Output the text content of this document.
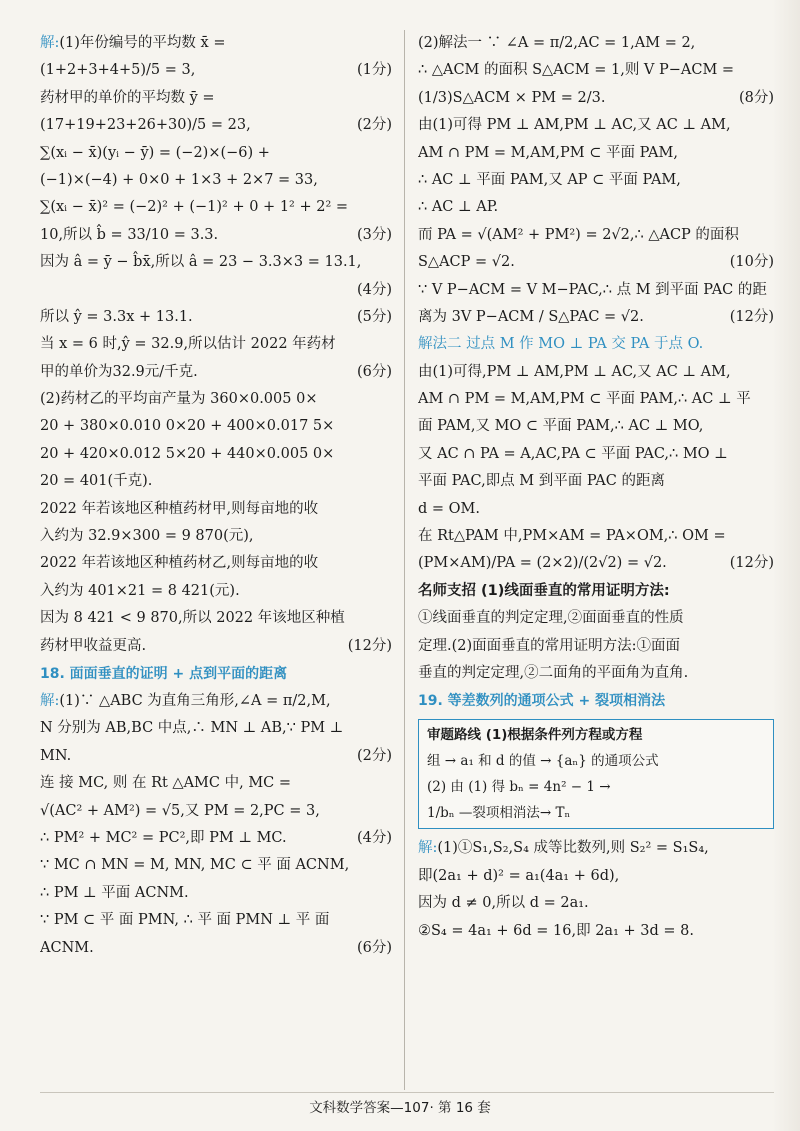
解:(1)年份编号的平均数 x̄ =
(1+2+3+4+5)/5 = 3,	(1分)
药材甲的单价的平均数 ȳ =
(17+19+23+26+30)/5 = 23,	(2分)
∑(xᵢ − x̄)(yᵢ − ȳ) = (−2)×(−6) +
(−1)×(−4) + 0×0 + 1×3 + 2×7 = 33,
∑(xᵢ − x̄)² = (−2)² + (−1)² + 0 + 1² + 2² =
10,所以 b̂ = 33/10 = 3.3.	(3分)
因为 â = ȳ − b̂x̄,所以 â = 23 − 3.3×3 = 13.1,
(4分)
所以 ŷ = 3.3x + 13.1.	(5分)
当 x = 6 时,ŷ = 32.9,所以估计 2022 年药材
甲的单价为32.9元/千克.	(6分)
(2)药材乙的平均亩产量为 360×0.005 0×
20 + 380×0.010 0×20 + 400×0.017 5×
20 + 420×0.012 5×20 + 440×0.005 0×
20 = 401(千克).
2022 年若该地区种植药材甲,则每亩地的收
入约为 32.9×300 = 9 870(元),
2022 年若该地区种植药材乙,则每亩地的收
入约为 401×21 = 8 421(元).
因为 8 421 < 9 870,所以 2022 年该地区种植
药材甲收益更高.	(12分)
18. 面面垂直的证明 + 点到平面的距离
解:(1)∵ △ABC 为直角三角形,∠A = π/2,M,
N 分别为 AB,BC 中点,∴ MN ⊥ AB,∵ PM ⊥
MN.	(2分)
连 接 MC, 则 在 Rt △AMC 中, MC =
√(AC² + AM²) = √5,又 PM = 2,PC = 3,
∴ PM² + MC² = PC²,即 PM ⊥ MC.	(4分)
∵ MC ∩ MN = M, MN, MC ⊂ 平 面 ACNM,
∴ PM ⊥ 平面 ACNM.
∵ PM ⊂ 平 面 PMN, ∴ 平 面 PMN ⊥ 平 面
ACNM.	(6分)
(2)解法一 ∵ ∠A = π/2,AC = 1,AM = 2,
∴ △ACM 的面积 S△ACM = 1,则 V P−ACM =
(1/3)S△ACM × PM = 2/3.	(8分)
由(1)可得 PM ⊥ AM,PM ⊥ AC,又 AC ⊥ AM,
AM ∩ PM = M,AM,PM ⊂ 平面 PAM,
∴ AC ⊥ 平面 PAM,又 AP ⊂ 平面 PAM,
∴ AC ⊥ AP.
而 PA = √(AM² + PM²) = 2√2,∴ △ACP 的面积
S△ACP = √2.	(10分)
∵ V P−ACM = V M−PAC,∴ 点 M 到平面 PAC 的距
离为 3V P−ACM / S△PAC = √2.	(12分)
解法二 过点 M 作 MO ⊥ PA 交 PA 于点 O.
由(1)可得,PM ⊥ AM,PM ⊥ AC,又 AC ⊥ AM,
AM ∩ PM = M,AM,PM ⊂ 平面 PAM,∴ AC ⊥ 平
面 PAM,又 MO ⊂ 平面 PAM,∴ AC ⊥ MO,
又 AC ∩ PA = A,AC,PA ⊂ 平面 PAC,∴ MO ⊥
平面 PAC,即点 M 到平面 PAC 的距离
d = OM.
在 Rt△PAM 中,PM×AM = PA×OM,∴ OM =
(PM×AM)/PA = (2×2)/(2√2) = √2.	(12分)
名师支招 (1)线面垂直的常用证明方法:
①线面垂直的判定定理,②面面垂直的性质
定理.(2)面面垂直的常用证明方法:①面面
垂直的判定定理,②二面角的平面角为直角.
19. 等差数列的通项公式 + 裂项相消法
审题路线 (1)根据条件列方程或方程
组 → a₁ 和 d 的值 → {aₙ} 的通项公式
(2) 由 (1) 得 bₙ = 4n² − 1 →
1/bₙ —裂项相消法→ Tₙ
解:(1)①S₁,S₂,S₄ 成等比数列,则 S₂² = S₁S₄,
即(2a₁ + d)² = a₁(4a₁ + 6d),
因为 d ≠ 0,所以 d = 2a₁.
②S₄ = 4a₁ + 6d = 16,即 2a₁ + 3d = 8.
文科数学答案—107· 第 16 套
